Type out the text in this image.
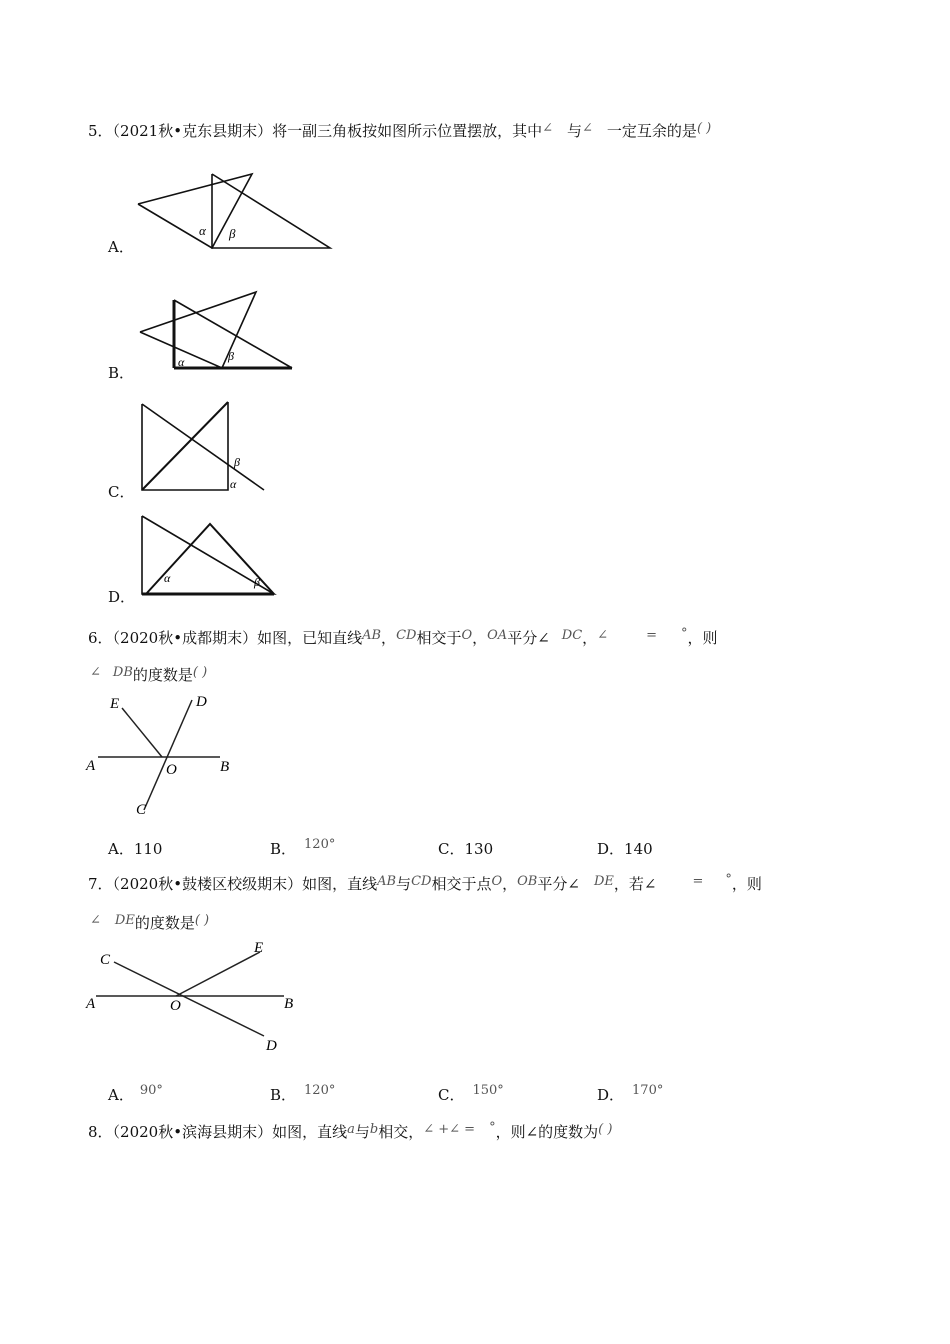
5．（2021秋•克东县期末）将一副三角板按如图所示位置摆放，其中∠ 与∠ 一定互余的是( )
A．
α β
B．
α	β
C．
β
α
D．
α	β
6．（2020秋•成都期末）如图，已知直线AB，CD相交于O，OA平分∠ DC，∠	= °，则
∠ DB的度数是( )
E	D
A	O	B
C
A．110	B． 120°	C．130	D．140
7．（2020秋•鼓楼区校级期末）如图，直线AB与CD相交于点O，OB平分∠ DE，若∠	= °，则
∠ DE的度数是( )
C
E
A	O	B
D
A． 90°	B． 120°	C． 150°	D． 170°
8．（2020秋•滨海县期末）如图，直线a与b相交，∠ +∠ = °，则∠的度数为( )
